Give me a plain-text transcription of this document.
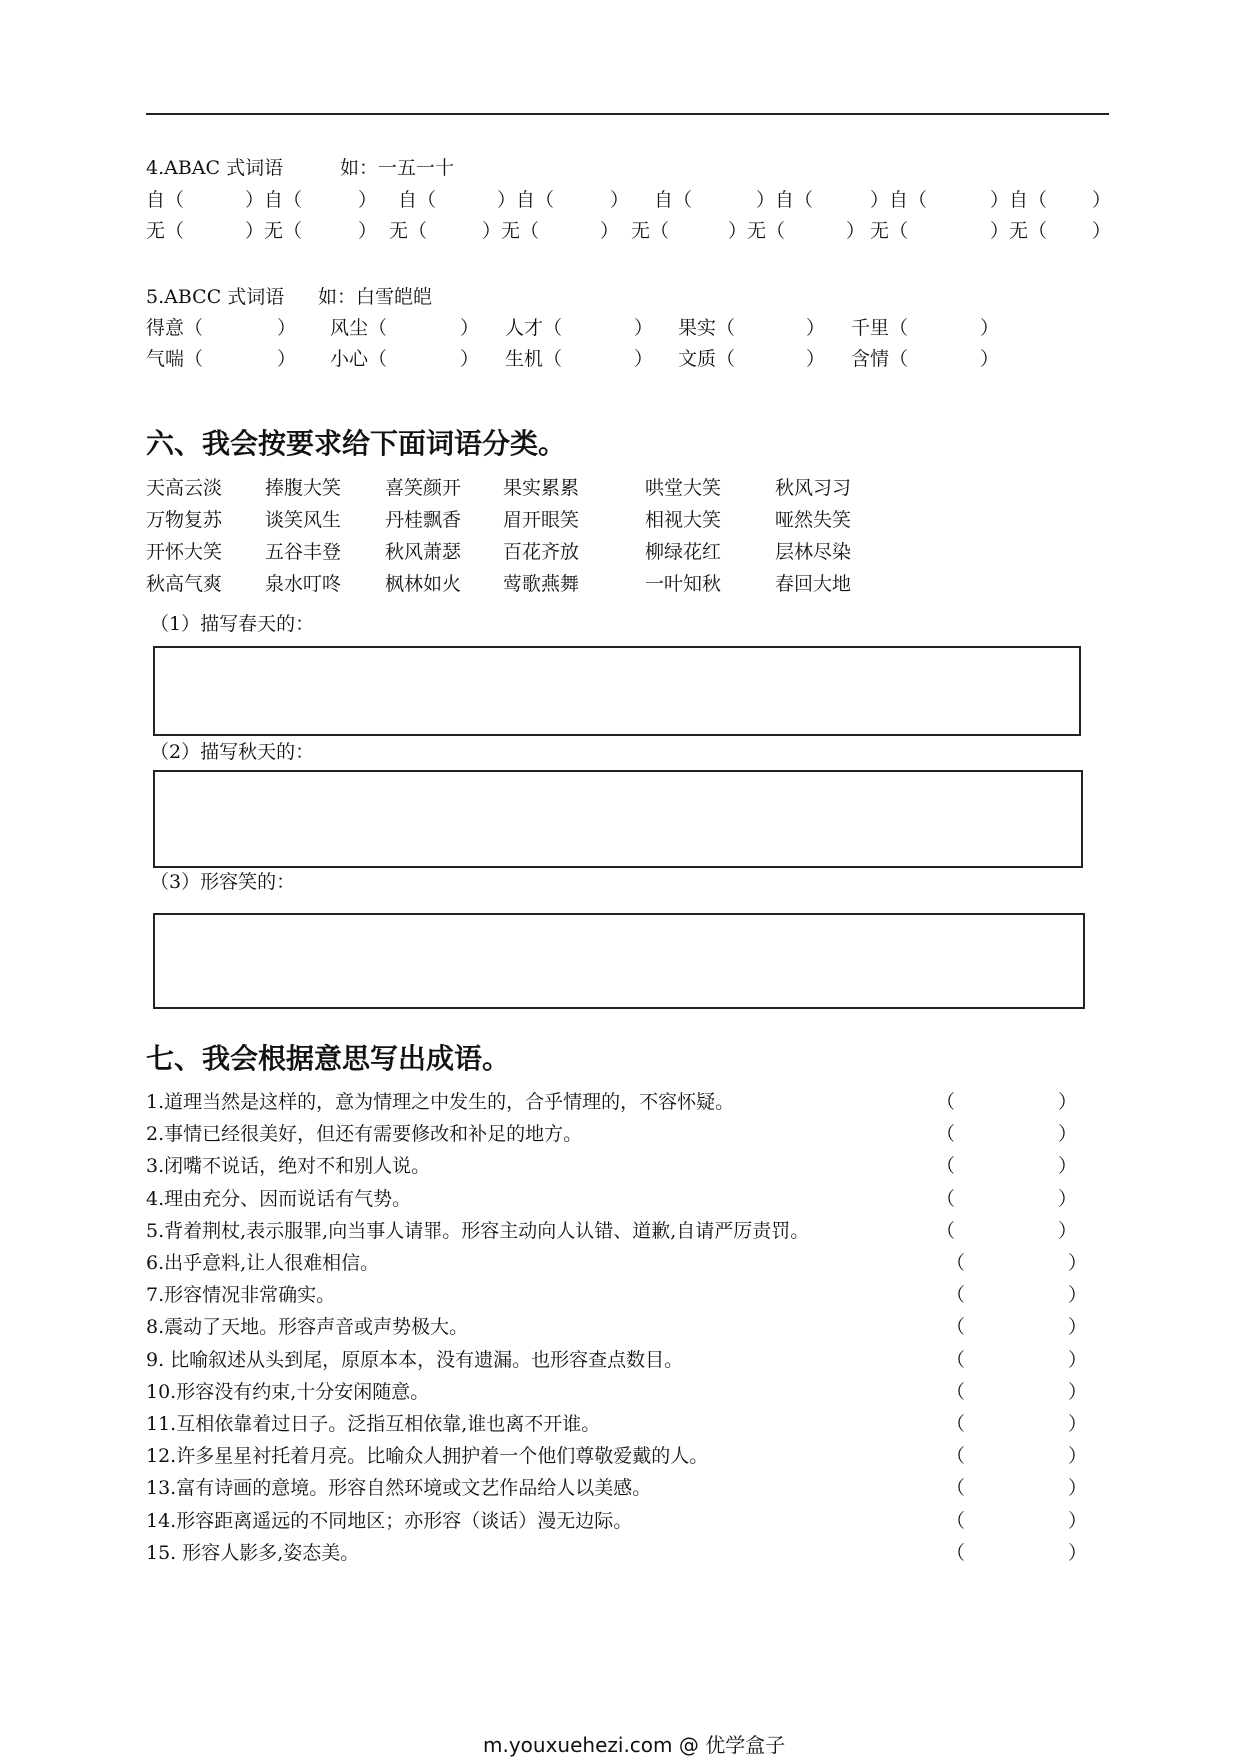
4.ABAC 式词语	如：一五一十
自（	）自（	） 自（	）自（	） 自（	）自（	）自（	）自（ ）
无（	）无（	） 无（	）无（	） 无（	）无（	） 无（	）无（ ）
5.ABCC 式词语 如：白雪皑皑
得意（	） 风尘（	） 人才（	） 果实（	） 千里（	）
气喘（	） 小心（	） 生机（	） 文质（	） 含情（	）
六、我会按要求给下面词语分类。
天高云淡 捧腹大笑 喜笑颜开 果实累累	哄堂大笑	秋风习习
万物复苏 谈笑风生 丹桂飘香 眉开眼笑	相视大笑	哑然失笑
开怀大笑 五谷丰登 秋风萧瑟 百花齐放	柳绿花红	层林尽染
秋高气爽 泉水叮咚 枫林如火 莺歌燕舞	一叶知秋	春回大地
（1）描写春天的：
（2）描写秋天的：
（3）形容笑的：
七、我会根据意思写出成语。
1.道理当然是这样的，意为情理之中发生的，合乎情理的，不容怀疑。	（	）
2.事情已经很美好，但还有需要修改和补足的地方。	（	）
3.闭嘴不说话，绝对不和别人说。	（	）
4.理由充分、因而说话有气势。	（	）
5.背着荆杖,表示服罪,向当事人请罪。形容主动向人认错、道歉,自请严厉责罚。	（	）
6.出乎意料,让人很难相信。	（	）
7.形容情况非常确实。	（	）
8.震动了天地。形容声音或声势极大。	（	）
9. 比喻叙述从头到尾，原原本本，没有遗漏。也形容查点数目。	（	）
10.形容没有约束,十分安闲随意。	（	）
11.互相依靠着过日子。泛指互相依靠,谁也离不开谁。	（	）
12.许多星星衬托着月亮。比喻众人拥护着一个他们尊敬爱戴的人。	（	）
13.富有诗画的意境。形容自然环境或文艺作品给人以美感。	（	）
14.形容距离遥远的不同地区；亦形容（谈话）漫无边际。	（	）
15. 形容人影多,姿态美。	（	）
m.youxuehezi.com @ 优学盒子
